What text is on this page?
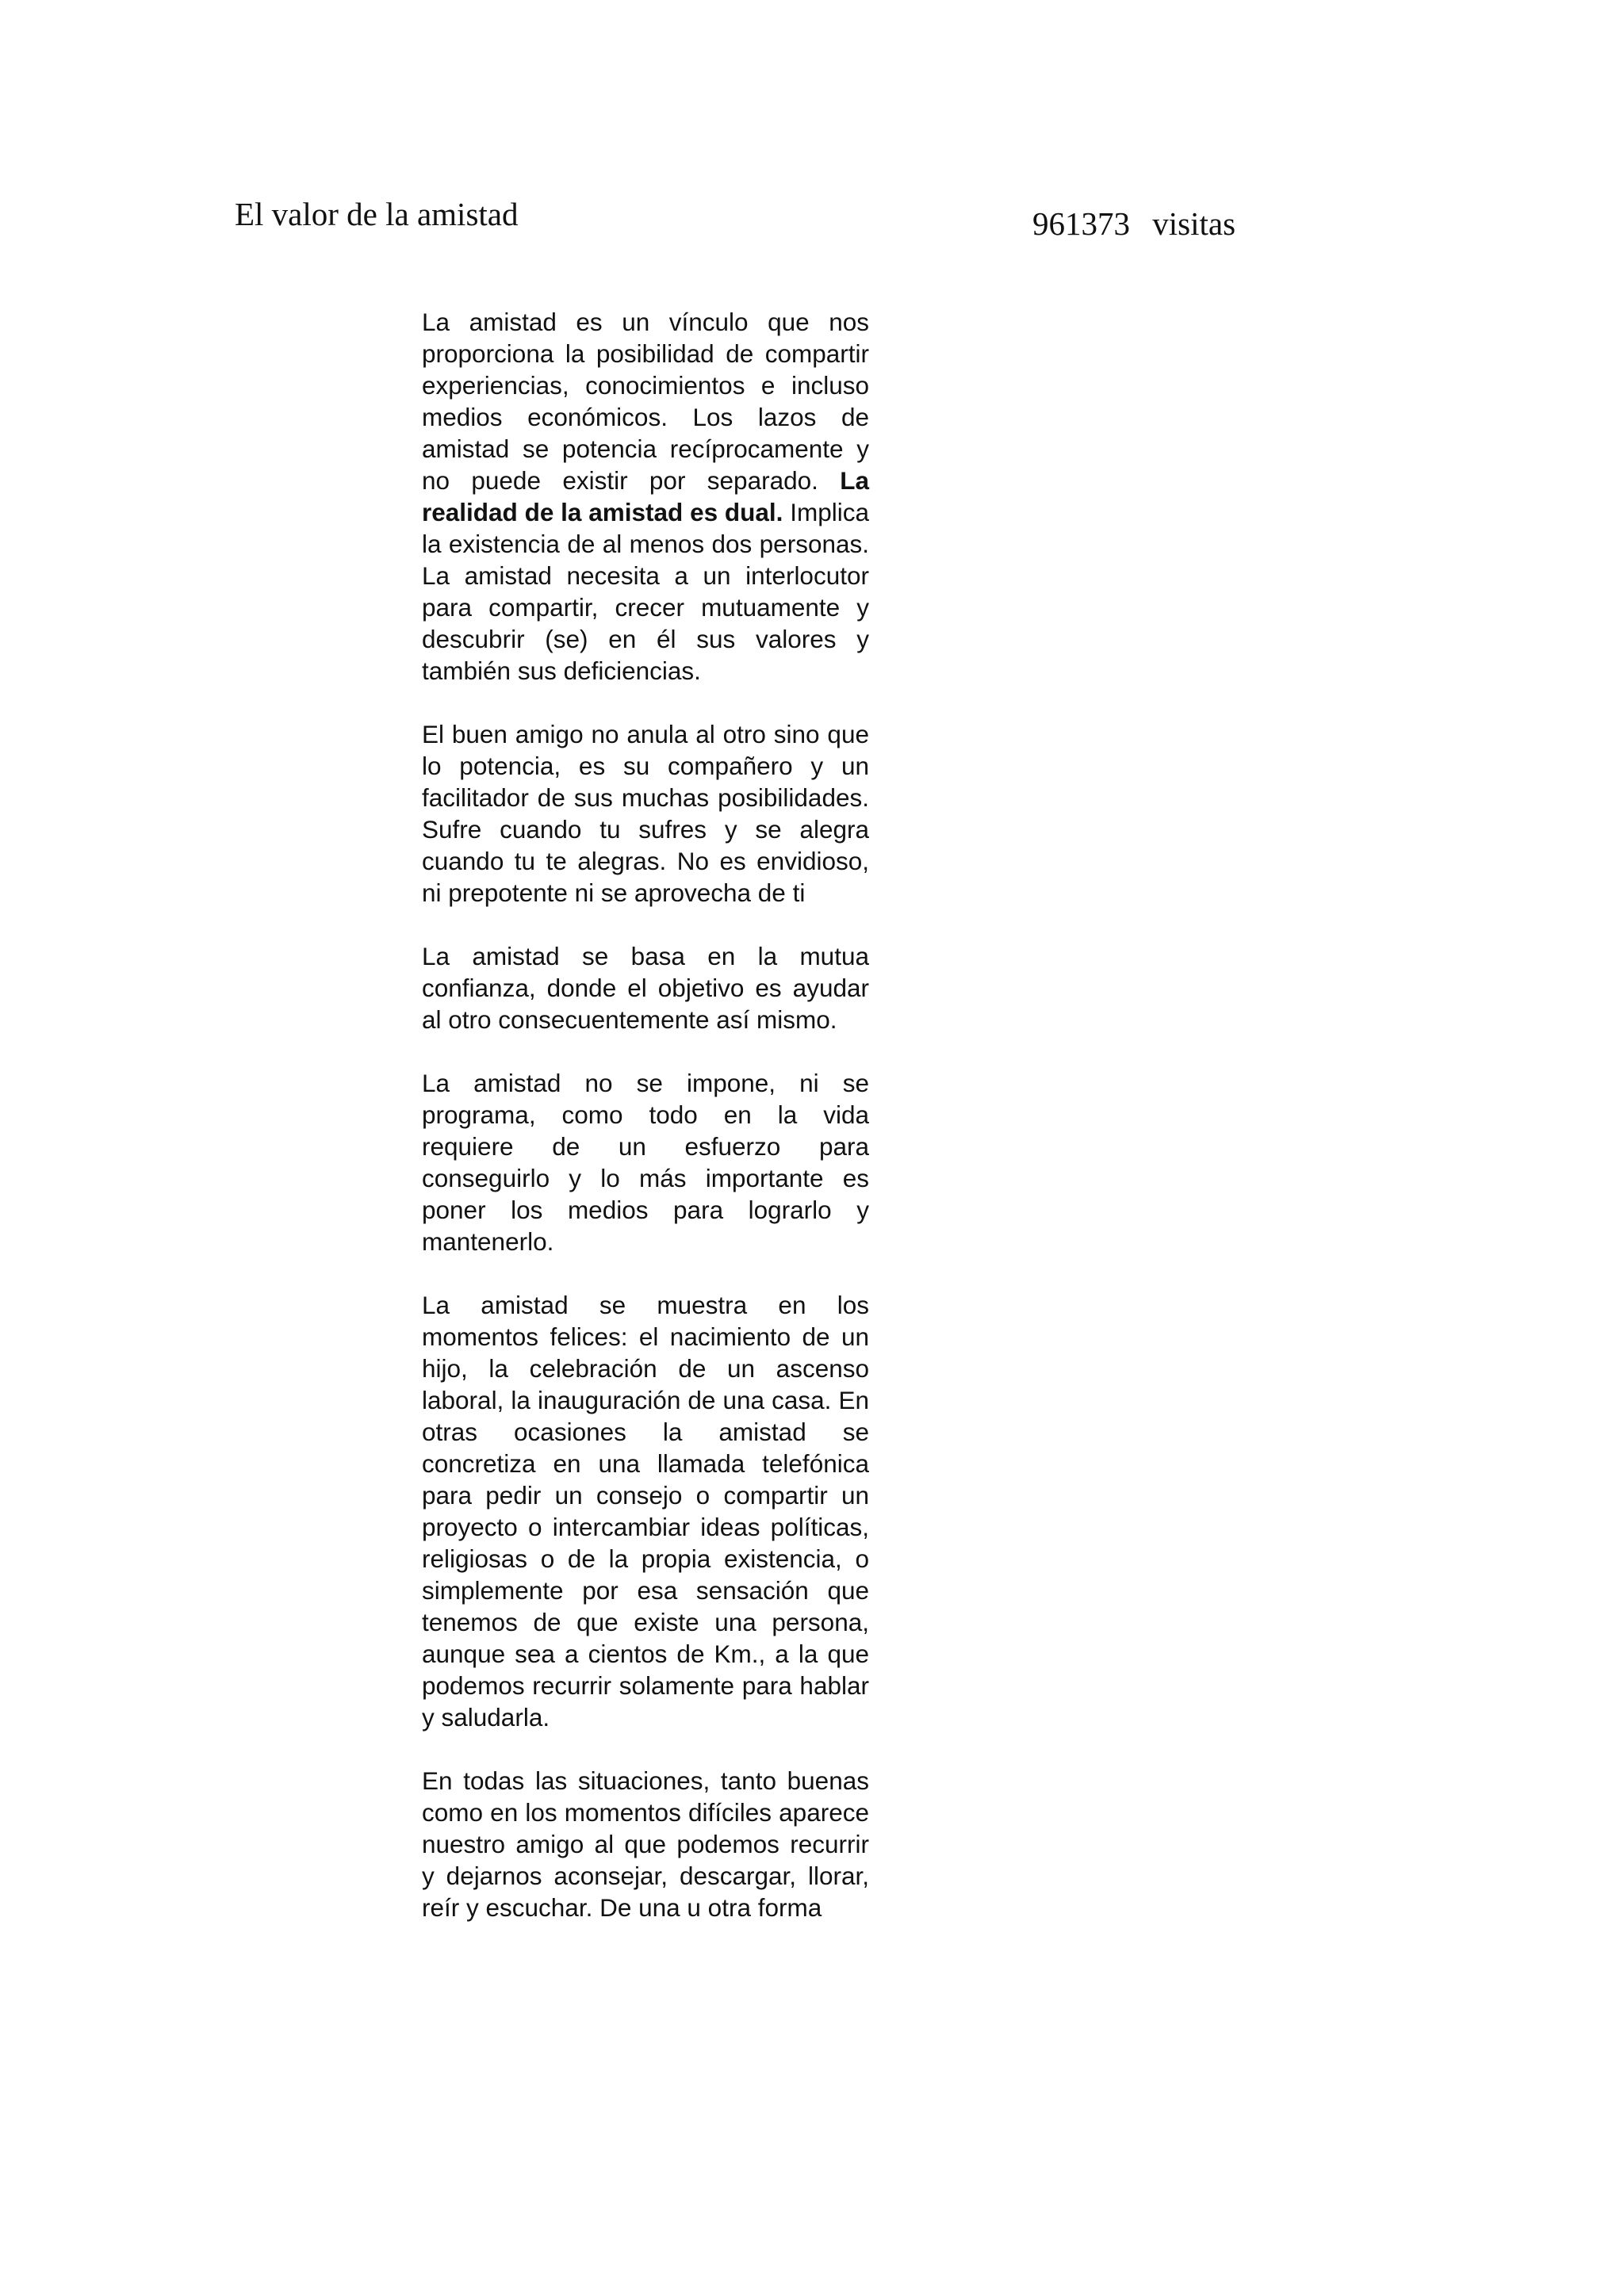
El valor de la amistad	961373 visitas

La amistad es un vínculo que nos proporciona la posibilidad de compartir experiencias, conocimientos e incluso medios económicos. Los lazos de amistad se potencia recíprocamente y no puede existir por separado. La realidad de la amistad es dual. Implica la existencia de al menos dos personas. La amistad necesita a un interlocutor para compartir, crecer mutuamente y descubrir (se) en él sus valores y también sus deficiencias.

El buen amigo no anula al otro sino que lo potencia, es su compañero y un facilitador de sus muchas posibilidades. Sufre cuando tu sufres y se alegra cuando tu te alegras. No es envidioso, ni prepotente ni se aprovecha de ti

La amistad se basa en la mutua confianza, donde el objetivo es ayudar al otro consecuentemente así mismo.

La amistad no se impone, ni se programa, como todo en la vida requiere de un esfuerzo para conseguirlo y lo más importante es poner los medios para lograrlo y mantenerlo.

La amistad se muestra en los momentos felices: el nacimiento de un hijo, la celebración de un ascenso laboral, la inauguración de una casa. En otras ocasiones la amistad se concretiza en una llamada telefónica para pedir un consejo o compartir un proyecto o intercambiar ideas políticas, religiosas o de la propia existencia, o simplemente por esa sensación que tenemos de que existe una persona, aunque sea a cientos de Km., a la que podemos recurrir solamente para hablar y saludarla.

En todas las situaciones, tanto buenas como en los momentos difíciles aparece nuestro amigo al que podemos recurrir y dejarnos aconsejar, descargar, llorar, reír y escuchar. De una u otra forma
